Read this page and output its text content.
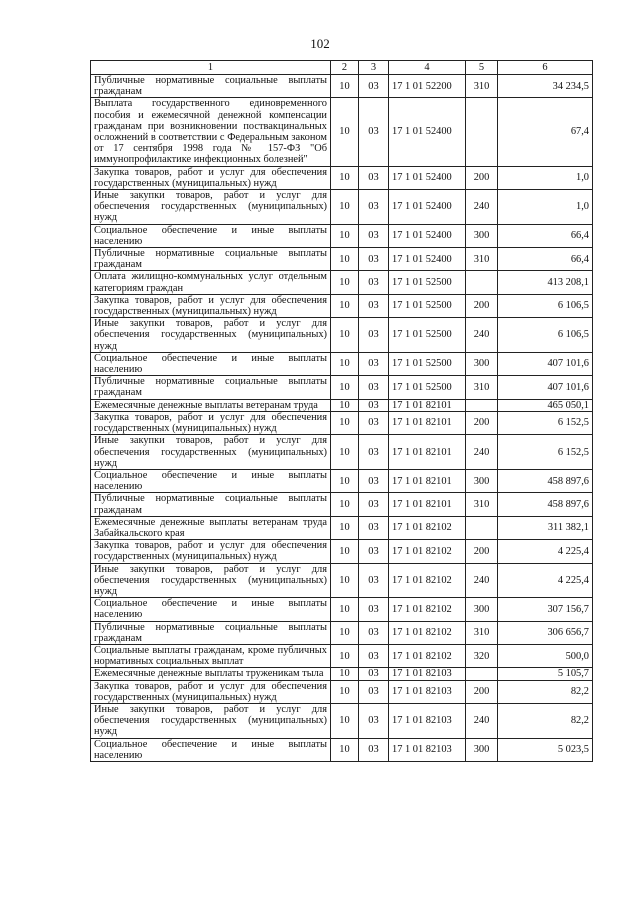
102
1	2	3	4	5	6
Публичные нормативные социальные выплаты гражданам	10	03	17 1 01 52200	310	34 234,5
Выплата государственного единовременного пособия и ежемесячной денежной компенсации гражданам при возникновении поствакцинальных осложнений в соответствии с Федеральным законом от 17 сентября 1998 года № 157-ФЗ "Об иммунопрофилактике инфекционных болезней"	10	03	17 1 01 52400		67,4
Закупка товаров, работ и услуг для обеспечения государственных (муниципальных) нужд	10	03	17 1 01 52400	200	1,0
Иные закупки товаров, работ и услуг для обеспечения государственных (муниципальных) нужд	10	03	17 1 01 52400	240	1,0
Социальное обеспечение и иные выплаты населению	10	03	17 1 01 52400	300	66,4
Публичные нормативные социальные выплаты гражданам	10	03	17 1 01 52400	310	66,4
Оплата жилищно-коммунальных услуг отдельным категориям граждан	10	03	17 1 01 52500		413 208,1
Закупка товаров, работ и услуг для обеспечения государственных (муниципальных) нужд	10	03	17 1 01 52500	200	6 106,5
Иные закупки товаров, работ и услуг для обеспечения государственных (муниципальных) нужд	10	03	17 1 01 52500	240	6 106,5
Социальное обеспечение и иные выплаты населению	10	03	17 1 01 52500	300	407 101,6
Публичные нормативные социальные выплаты гражданам	10	03	17 1 01 52500	310	407 101,6
Ежемесячные денежные выплаты ветеранам труда	10	03	17 1 01 82101		465 050,1
Закупка товаров, работ и услуг для обеспечения государственных (муниципальных) нужд	10	03	17 1 01 82101	200	6 152,5
Иные закупки товаров, работ и услуг для обеспечения государственных (муниципальных) нужд	10	03	17 1 01 82101	240	6 152,5
Социальное обеспечение и иные выплаты населению	10	03	17 1 01 82101	300	458 897,6
Публичные нормативные социальные выплаты гражданам	10	03	17 1 01 82101	310	458 897,6
Ежемесячные денежные выплаты ветеранам труда Забайкальского края	10	03	17 1 01 82102		311 382,1
Закупка товаров, работ и услуг для обеспечения государственных (муниципальных) нужд	10	03	17 1 01 82102	200	4 225,4
Иные закупки товаров, работ и услуг для обеспечения государственных (муниципальных) нужд	10	03	17 1 01 82102	240	4 225,4
Социальное обеспечение и иные выплаты населению	10	03	17 1 01 82102	300	307 156,7
Публичные нормативные социальные выплаты гражданам	10	03	17 1 01 82102	310	306 656,7
Социальные выплаты гражданам, кроме публичных нормативных социальных выплат	10	03	17 1 01 82102	320	500,0
Ежемесячные денежные выплаты труженикам тыла	10	03	17 1 01 82103		5 105,7
Закупка товаров, работ и услуг для обеспечения государственных (муниципальных) нужд	10	03	17 1 01 82103	200	82,2
Иные закупки товаров, работ и услуг для обеспечения государственных (муниципальных) нужд	10	03	17 1 01 82103	240	82,2
Социальное обеспечение и иные выплаты населению	10	03	17 1 01 82103	300	5 023,5
